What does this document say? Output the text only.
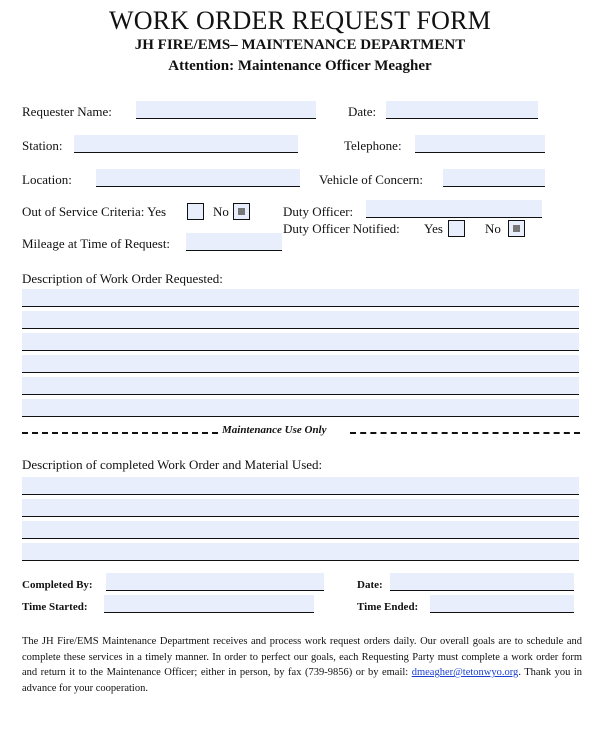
WORK ORDER REQUEST FORM
JH FIRE/EMS– MAINTENANCE DEPARTMENT
Attention: Maintenance Officer Meagher
Requester Name:	Date:
Station:	Telephone:
Location:	Vehicle of Concern:
Out of Service Criteria: Yes	No	Duty Officer:
Duty Officer Notified: Yes	No
Mileage at Time of Request:
Description of Work Order Requested:
Maintenance Use Only
Description of completed Work Order and Material Used:
Completed By:	Date:
Time Started:	Time Ended:
The JH Fire/EMS Maintenance Department receives and process work request orders daily. Our overall goals are to schedule and complete these services in a timely manner. In order to perfect our goals, each Requesting Party must complete a work order form and return it to the Maintenance Officer; either in person, by fax (739-9856) or by email: dmeagher@tetonwyo.org. Thank you in advance for your cooperation.
